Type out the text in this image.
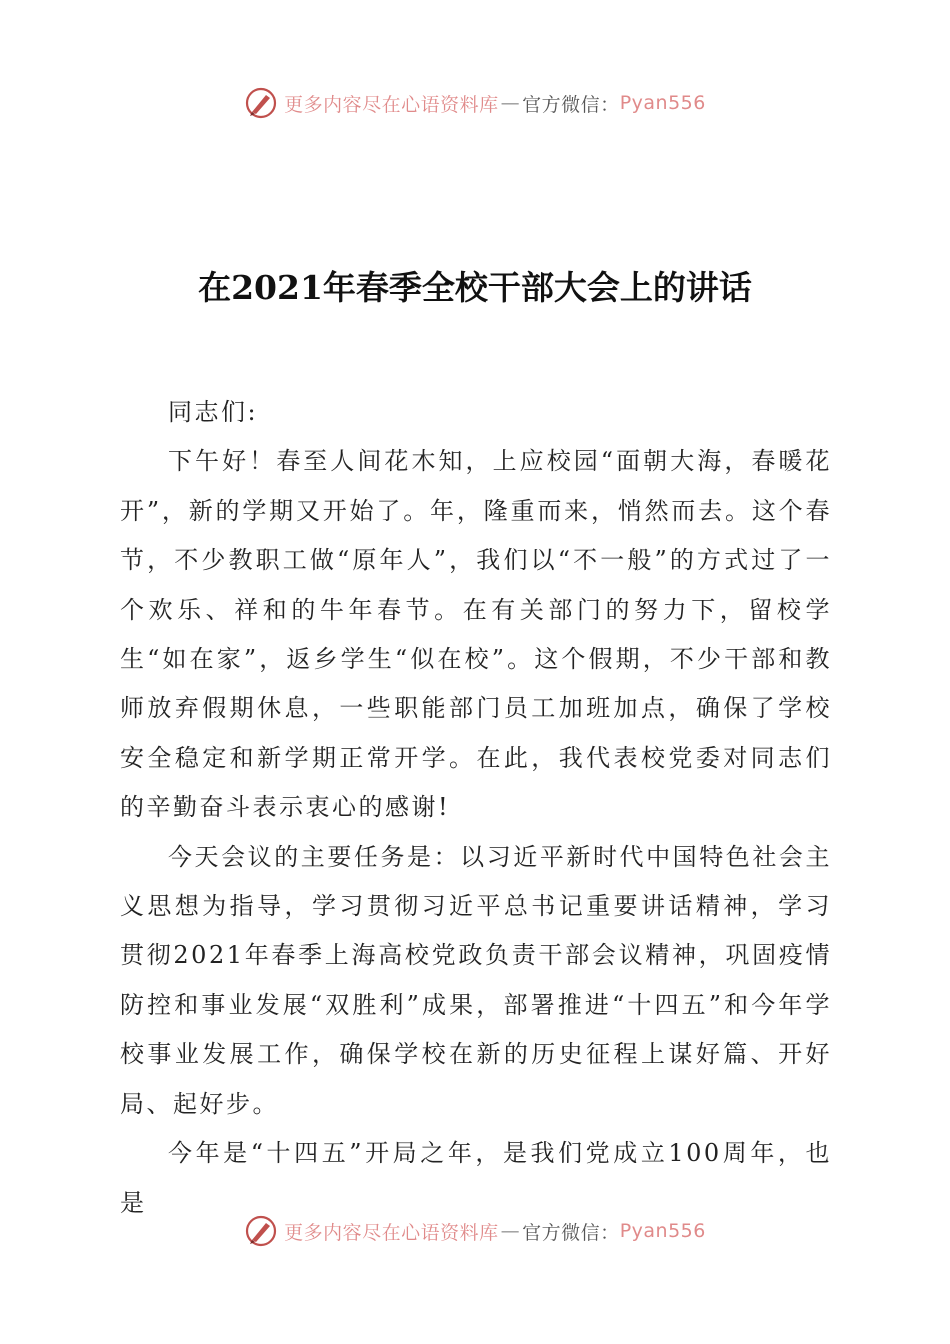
更多内容尽在心语资料库 — 官方微信： Pyan556
在2021年春季全校干部大会上的讲话

同志们:

下午好！春至人间花木知，上应校园“面朝大海，春暖花开”，新的学期又开始了。年，隆重而来，悄然而去。这个春节，不少教职工做“原年人”，我们以“不一般”的方式过了一个欢乐、祥和的牛年春节。在有关部门的努力下，留校学生“如在家”，返乡学生“似在校”。这个假期，不少干部和教师放弃假期休息，一些职能部门员工加班加点，确保了学校安全稳定和新学期正常开学。在此，我代表校党委对同志们的辛勤奋斗表示衷心的感谢!

今天会议的主要任务是：以习近平新时代中国特色社会主义思想为指导，学习贯彻习近平总书记重要讲话精神，学习贯彻2021年春季上海高校党政负责干部会议精神，巩固疫情防控和事业发展“双胜利”成果，部署推进“十四五”和今年学校事业发展工作，确保学校在新的历史征程上谋好篇、开好局、起好步。

今年是“十四五”开局之年，是我们党成立100周年，也是

更多内容尽在心语资料库 — 官方微信： Pyan556
